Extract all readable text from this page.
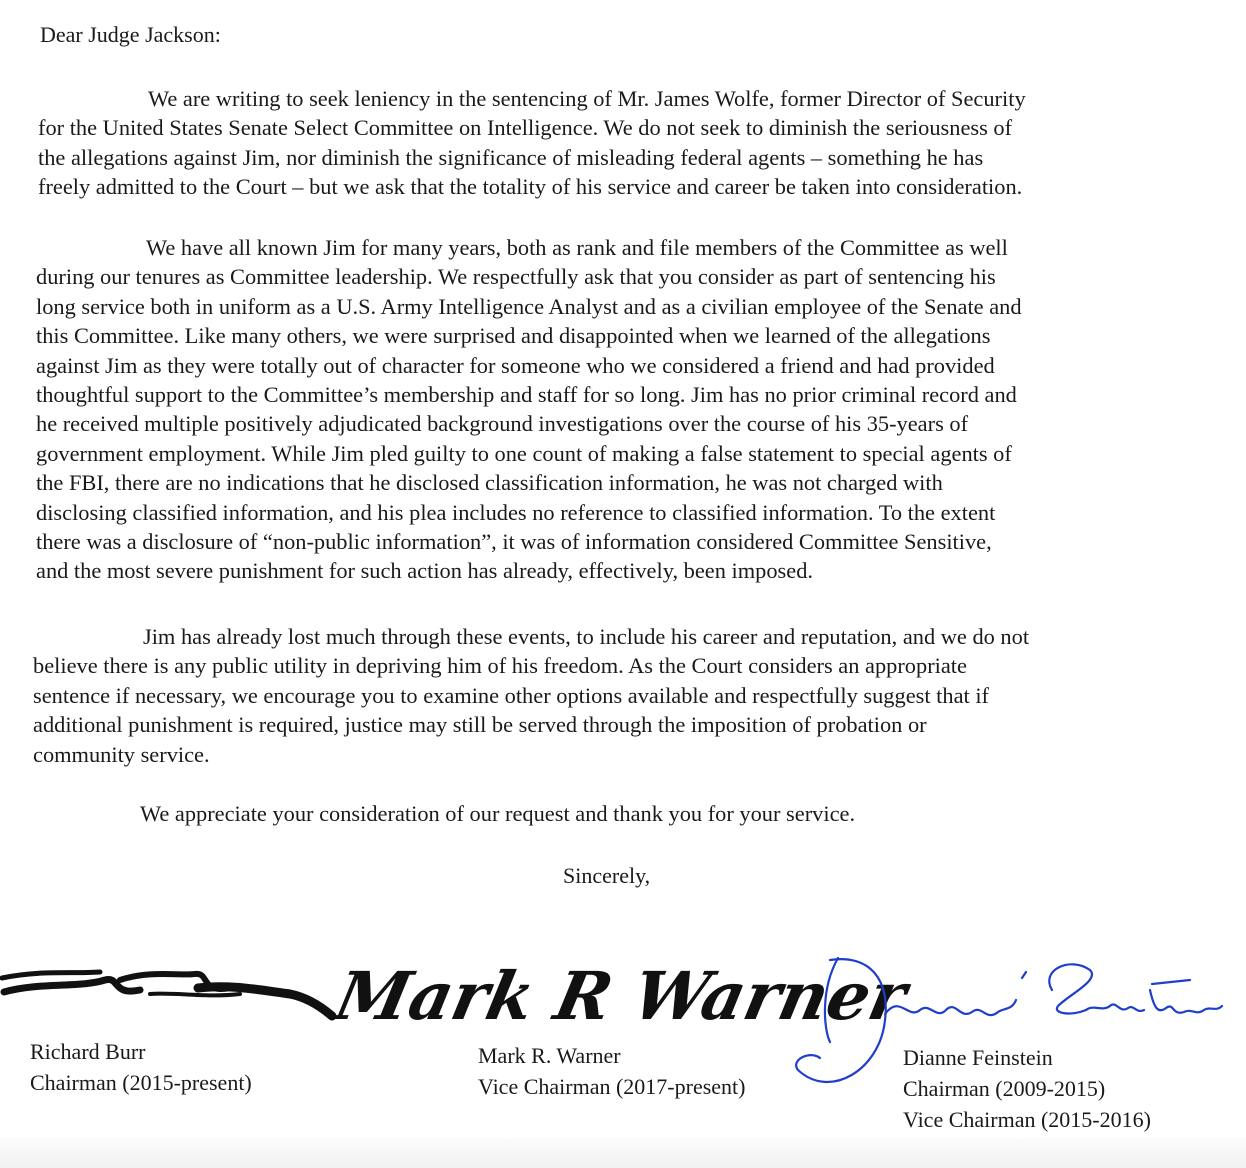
Dear Judge Jackson:
We are writing to seek leniency in the sentencing of Mr. James Wolfe, former Director of Security
for the United States Senate Select Committee on Intelligence. We do not seek to diminish the seriousness of
the allegations against Jim, nor diminish the significance of misleading federal agents – something he has
freely admitted to the Court – but we ask that the totality of his service and career be taken into consideration.
We have all known Jim for many years, both as rank and file members of the Committee as well
during our tenures as Committee leadership. We respectfully ask that you consider as part of sentencing his
long service both in uniform as a U.S. Army Intelligence Analyst and as a civilian employee of the Senate and
this Committee. Like many others, we were surprised and disappointed when we learned of the allegations
against Jim as they were totally out of character for someone who we considered a friend and had provided
thoughtful support to the Committee’s membership and staff for so long. Jim has no prior criminal record and
he received multiple positively adjudicated background investigations over the course of his 35-years of
government employment. While Jim pled guilty to one count of making a false statement to special agents of
the FBI, there are no indications that he disclosed classification information, he was not charged with
disclosing classified information, and his plea includes no reference to classified information. To the extent
there was a disclosure of “non-public information”, it was of information considered Committee Sensitive,
and the most severe punishment for such action has already, effectively, been imposed.
Jim has already lost much through these events, to include his career and reputation, and we do not
believe there is any public utility in depriving him of his freedom. As the Court considers an appropriate
sentence if necessary, we encourage you to examine other options available and respectfully suggest that if
additional punishment is required, justice may still be served through the imposition of probation or
community service.
We appreciate your consideration of our request and thank you for your service.
Sincerely,
Mark R Warner
Richard Burr
Chairman (2015-present)
Mark R. Warner
Vice Chairman (2017-present)
Dianne Feinstein
Chairman (2009-2015)
Vice Chairman (2015-2016)
